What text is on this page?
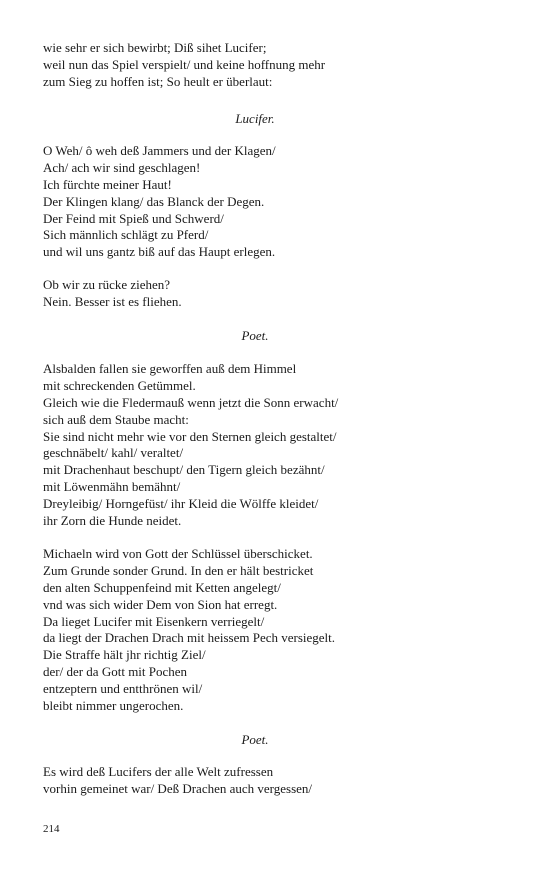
wie sehr er sich bewirbt; Diß sihet Lucifer;
weil nun das Spiel verspielt/ und keine hoffnung mehr
zum Sieg zu hoffen ist; So heult er überlaut:
Lucifer.
O Weh/ ô weh deß Jammers und der Klagen/
Ach/ ach wir sind geschlagen!
Ich fürchte meiner Haut!
Der Klingen klang/ das Blanck der Degen.
Der Feind mit Spieß und Schwerd/
Sich männlich schlägt zu Pferd/
und wil uns gantz biß auf das Haupt erlegen.
Ob wir zu rücke ziehen?
Nein. Besser ist es fliehen.
Poet.
Alsbalden fallen sie geworffen auß dem Himmel
mit schreckenden Getümmel.
Gleich wie die Fledermauß wenn jetzt die Sonn erwacht/
sich auß dem Staube macht:
Sie sind nicht mehr wie vor den Sternen gleich gestaltet/
geschnäbelt/ kahl/ veraltet/
mit Drachenhaut beschupt/ den Tigern gleich bezähnt/
mit Löwenmähn bemähnt/
Dreyleibig/ Horngefüst/ ihr Kleid die Wölffe kleidet/
ihr Zorn die Hunde neidet.
Michaeln wird von Gott der Schlüssel überschicket.
Zum Grunde sonder Grund. In den er hält bestricket
den alten Schuppenfeind mit Ketten angelegt/
vnd was sich wider Dem von Sion hat erregt.
Da lieget Lucifer mit Eisenkern verriegelt/
da liegt der Drachen Drach mit heissem Pech versiegelt.
Die Straffe hält jhr richtig Ziel/
der/ der da Gott mit Pochen
entzeptern und entthrönen wil/
bleibt nimmer ungerochen.
Poet.
Es wird deß Lucifers der alle Welt zufressen
vorhin gemeinet war/ Deß Drachen auch vergessen/
214
